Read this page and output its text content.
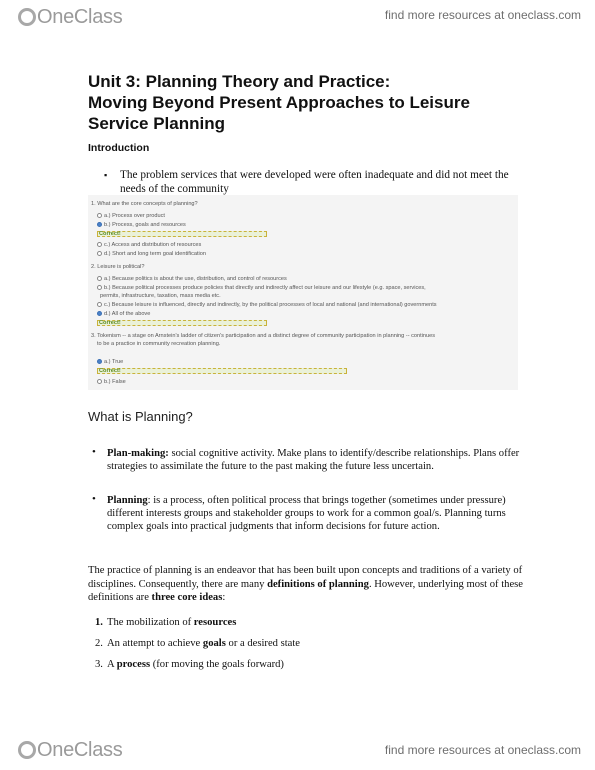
OneClass	find more resources at oneclass.com
Unit 3: Planning Theory and Practice:
Moving Beyond Present Approaches to Leisure
Service Planning
Introduction
▪ The problem services that were developed were often inadequate and did not meet the needs of the community
1. What are the core concepts of planning?
a.) Process over product
b.) Process, goals and resources
Correct!
c.) Access and distribution of resources
d.) Short and long term goal identification
2. Leisure is political?
a.) Because politics is about the use, distribution, and control of resources
b.) Because political processes produce policies that directly and indirectly affect our leisure and our lifestyle (e.g. space, services,
permits, infrastructure, taxation, mass media etc.
c.) Because leisure is influenced, directly and indirectly, by the political processes of local and national (and international) governments
d.) All of the above
Correct!
3. Tokenism -- a stage on Arnstein's ladder of citizen's participation and a distinct degree of community participation in planning -- continues
to be a practice in community recreation planning.
a.) True
Correct!
b.) False
What is Planning?
• Plan-making: social cognitive activity. Make plans to identify/describe relationships. Plans offer strategies to assimilate the future to the past making the future less uncertain.
• Planning: is a process, often political process that brings together (sometimes under pressure) different interests groups and stakeholder groups to work for a common goal/s. Planning turns complex goals into practical judgments that inform decisions for future action.
The practice of planning is an endeavor that has been built upon concepts and traditions of a variety of disciplines. Consequently, there are many definitions of planning. However, underlying most of these definitions are three core ideas:
1. The mobilization of resources
2. An attempt to achieve goals or a desired state
3. A process (for moving the goals forward)
OneClass	find more resources at oneclass.com
